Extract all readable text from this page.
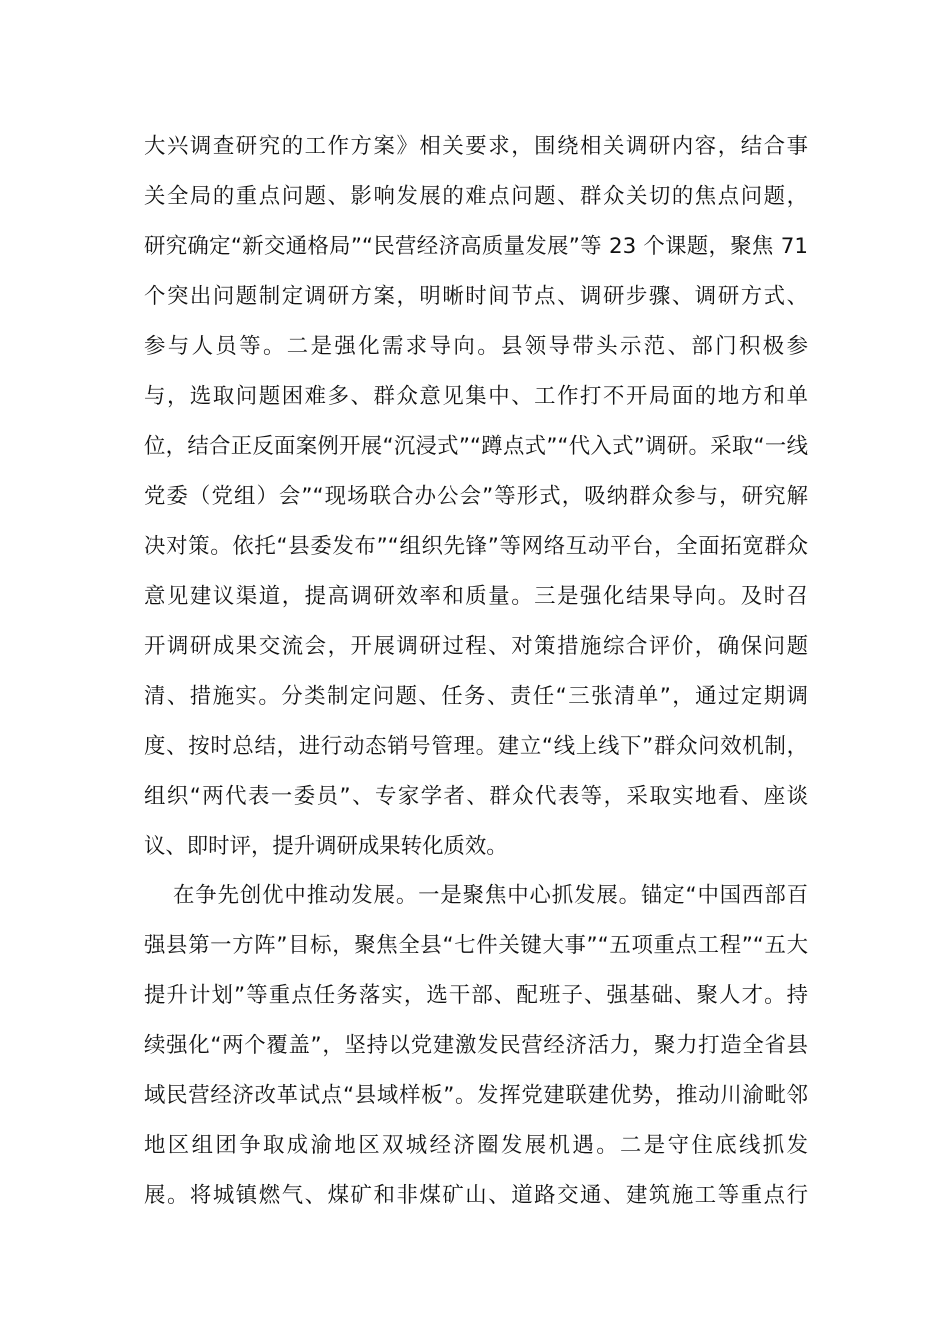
大兴调查研究的工作方案》相关要求，围绕相关调研内容，结合事
关全局的重点问题、影响发展的难点问题、群众关切的焦点问题，
研究确定“新交通格局”“民营经济高质量发展”等 23 个课题，聚焦 71
个突出问题制定调研方案，明晰时间节点、调研步骤、调研方式、
参与人员等。二是强化需求导向。县领导带头示范、部门积极参
与，选取问题困难多、群众意见集中、工作打不开局面的地方和单
位，结合正反面案例开展“沉浸式”“蹲点式”“代入式”调研。采取“一线
党委（党组）会”“现场联合办公会”等形式，吸纳群众参与，研究解
决对策。依托“县委发布”“组织先锋”等网络互动平台，全面拓宽群众
意见建议渠道，提高调研效率和质量。三是强化结果导向。及时召
开调研成果交流会，开展调研过程、对策措施综合评价，确保问题
清、措施实。分类制定问题、任务、责任“三张清单”，通过定期调
度、按时总结，进行动态销号管理。建立“线上线下”群众问效机制，
组织“两代表一委员”、专家学者、群众代表等，采取实地看、座谈
议、即时评，提升调研成果转化质效。
在争先创优中推动发展。一是聚焦中心抓发展。锚定“中国西部百
强县第一方阵”目标，聚焦全县“七件关键大事”“五项重点工程”“五大
提升计划”等重点任务落实，选干部、配班子、强基础、聚人才。持
续强化“两个覆盖”，坚持以党建激发民营经济活力，聚力打造全省县
域民营经济改革试点“县域样板”。发挥党建联建优势，推动川渝毗邻
地区组团争取成渝地区双城经济圈发展机遇。二是守住底线抓发
展。将城镇燃气、煤矿和非煤矿山、道路交通、建筑施工等重点行
